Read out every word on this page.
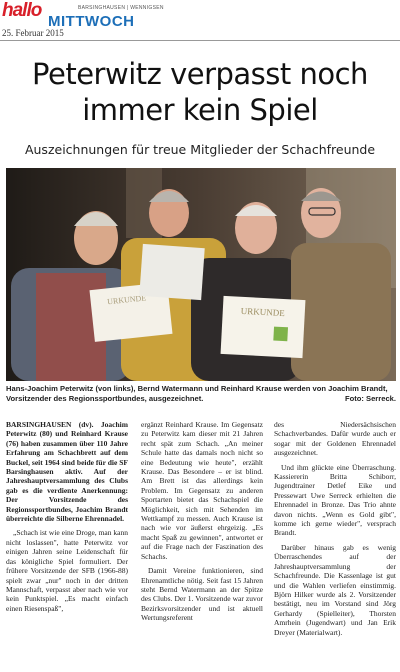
hallo	BARSINGHAUSEN | WENNIGSEN
MITTWOCH
25. Februar 2015
Peterwitz verpasst noch
immer kein Spiel
Auszeichnungen für treue Mitglieder der Schachfreunde
URKUNDE
URKUNDE
Hans-Joachim Peterwitz (von links), Bernd Watermann und Reinhard Krause werden von Joachim Brandt, Vorsitzender des Regionssportbundes, ausgezeichnet.	Foto: Serreck.

BARSINGHAUSEN (dv). Joachim Peterwitz (80) und Reinhard Krause (76) haben zusammen über 110 Jahre Erfahrung am Schachbrett auf dem Buckel, seit 1964 sind beide für die SF Barsinghausen aktiv. Auf der Jahreshauptversammlung des Clubs gab es die verdiente Anerkennung: Der Vorsitzende des Regionssportbundes, Joachim Brandt überreichte die Silberne Ehrennadel.

„Schach ist wie eine Droge, man kann nicht loslassen", hatte Peterwitz vor einigen Jahren seine Leidenschaft für das königliche Spiel formuliert. Der frühere Vorsitzende der SFB (1966-88) spielt zwar „nur" noch in der dritten Mannschaft, verpasst aber nach wie vor kein Punktspiel. „Es macht einfach einen Riesenspaß",

ergänzt Reinhard Krause. Im Gegensatz zu Peterwitz kam dieser mit 21 Jahren recht spät zum Schach. „An meiner Schule hatte das damals noch nicht so eine Bedeutung wie heute", erzählt Krause. Das Besondere – er ist blind. Am Brett ist das allerdings kein Problem. Im Gegensatz zu anderen Sportarten bietet das Schachspiel die Möglichkeit, sich mit Sehenden im Wettkampf zu messen. Auch Krause ist nach wie vor äußerst ehrgeizig. „Es macht Spaß zu gewinnen", antwortet er auf die Frage nach der Faszination des Schachs.

Damit Vereine funktionieren, sind Ehrenamtliche nötig. Seit fast 15 Jahren steht Bernd Watermann an der Spitze des Clubs. Der 1. Vorsitzende war zuvor Bezirksvorsitzender und ist aktuell Wertungsreferent

des Niedersächsischen Schachverbandes. Dafür wurde auch er sogar mit der Goldenen Ehrennadel ausgezeichnet.

Und ihm glückte eine Überraschung. Kassiererin Britta Schiborr, Jugendtrainer Detlef Eike und Pressewart Uwe Serreck erhielten die Ehrennadel in Bronze. Das Trio ahnte davon nichts. „Wenn es Gold gibt", komme ich gerne wieder", versprach Brandt.

Darüber hinaus gab es wenig Überraschendes auf der Jahreshauptversammlung der Schachfreunde. Die Kassenlage ist gut und die Wahlen verliefen einstimmig. Björn Hilker wurde als 2. Vorsitzender bestätigt, neu im Vorstand sind Jörg Gerhardy (Spielleiter), Thorsten Amrhein (Jugendwart) und Jan Erik Dreyer (Materialwart).
